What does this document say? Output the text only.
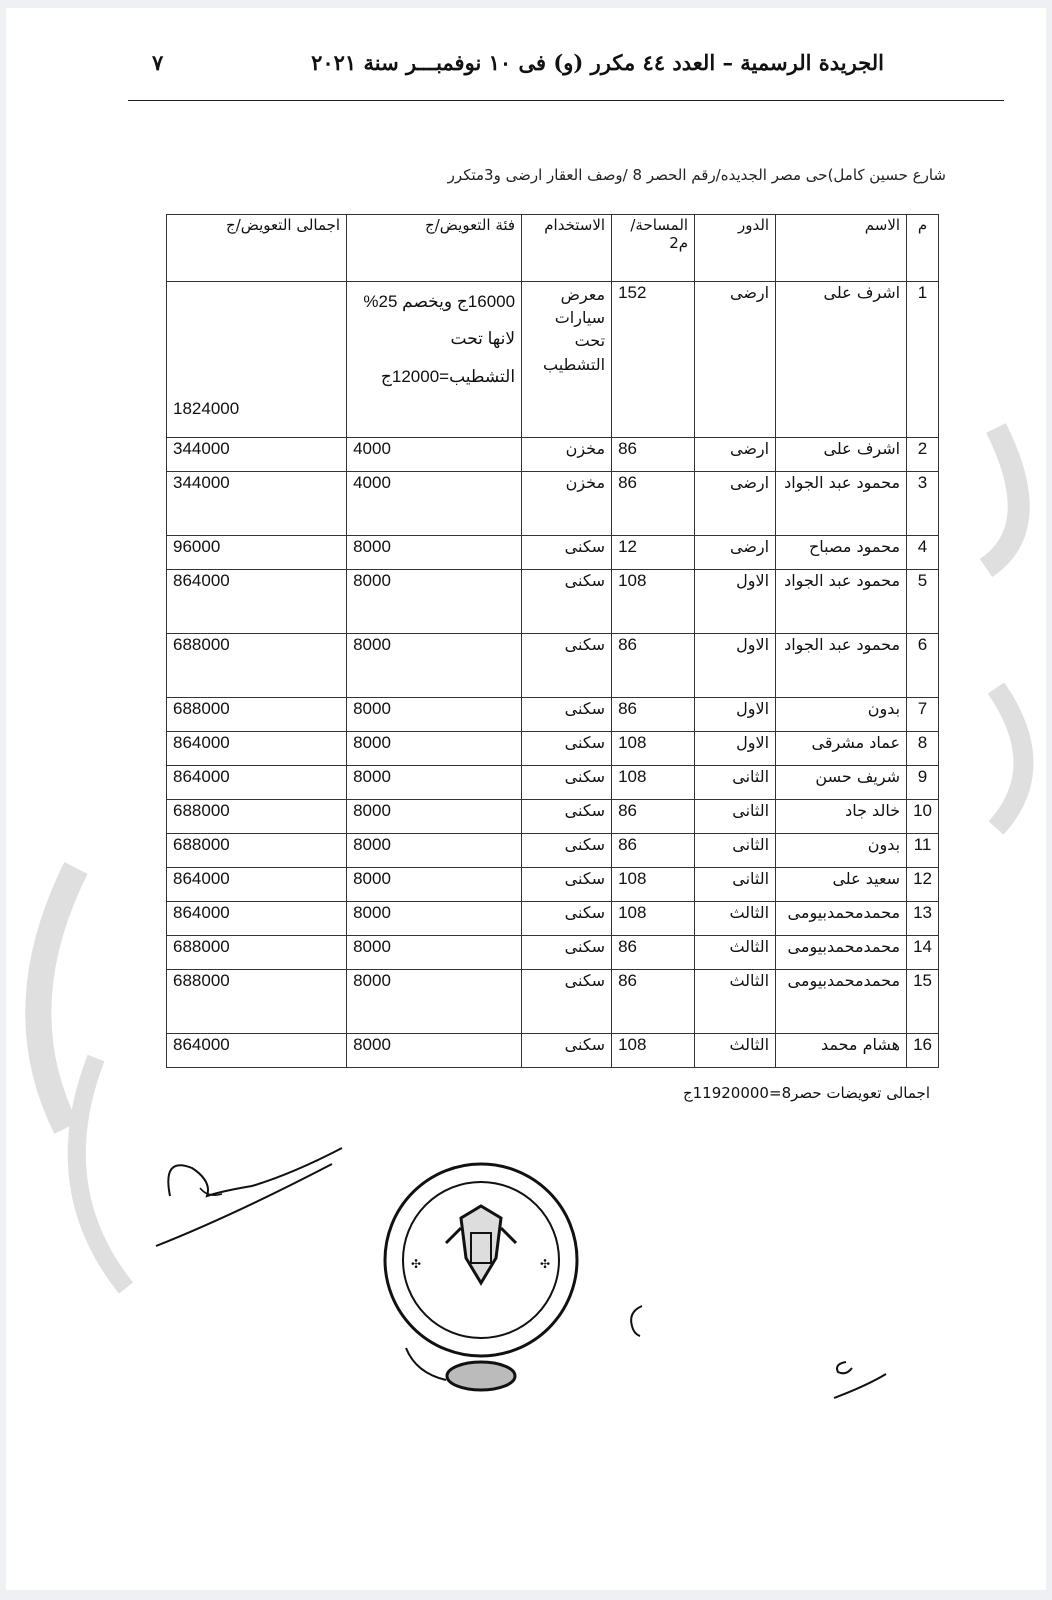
الجريدة الرسمية – العدد ٤٤ مكرر (و) فى ١٠ نوفمبـــر سنة ٢٠٢١
٧
شارع حسين كامل)حى مصر الجديده/رقم الحصر 8 /وصف العقار ارضى و3متكرر
م	الاسم	الدور	المساحة/ م2	الاستخدام	فئة التعويض/ج	اجمالى التعويض/ج
1	اشرف على	ارضى	152	معرض سيارات تحت التشطيب	16000ج ويخصم 25% لانها تحت التشطيب=12000ج	1824000
2	اشرف على	ارضى	86	مخزن	4000	344000
3	محمود عبد الجواد	ارضى	86	مخزن	4000	344000
4	محمود مصباح	ارضى	12	سكنى	8000	96000
5	محمود عبد الجواد	الاول	108	سكنى	8000	864000
6	محمود عبد الجواد	الاول	86	سكنى	8000	688000
7	بدون	الاول	86	سكنى	8000	688000
8	عماد مشرقى	الاول	108	سكنى	8000	864000
9	شريف حسن	الثانى	108	سكنى	8000	864000
10	خالد جاد	الثانى	86	سكنى	8000	688000
11	بدون	الثانى	86	سكنى	8000	688000
12	سعيد على	الثانى	108	سكنى	8000	864000
13	محمدمحمدبيومى	الثالث	108	سكنى	8000	864000
14	محمدمحمدبيومى	الثالث	86	سكنى	8000	688000
15	محمدمحمدبيومى	الثالث	86	سكنى	8000	688000
16	هشام محمد	الثالث	108	سكنى	8000	864000
اجمالى تعويضات حصر8=11920000ج
✣	✣
